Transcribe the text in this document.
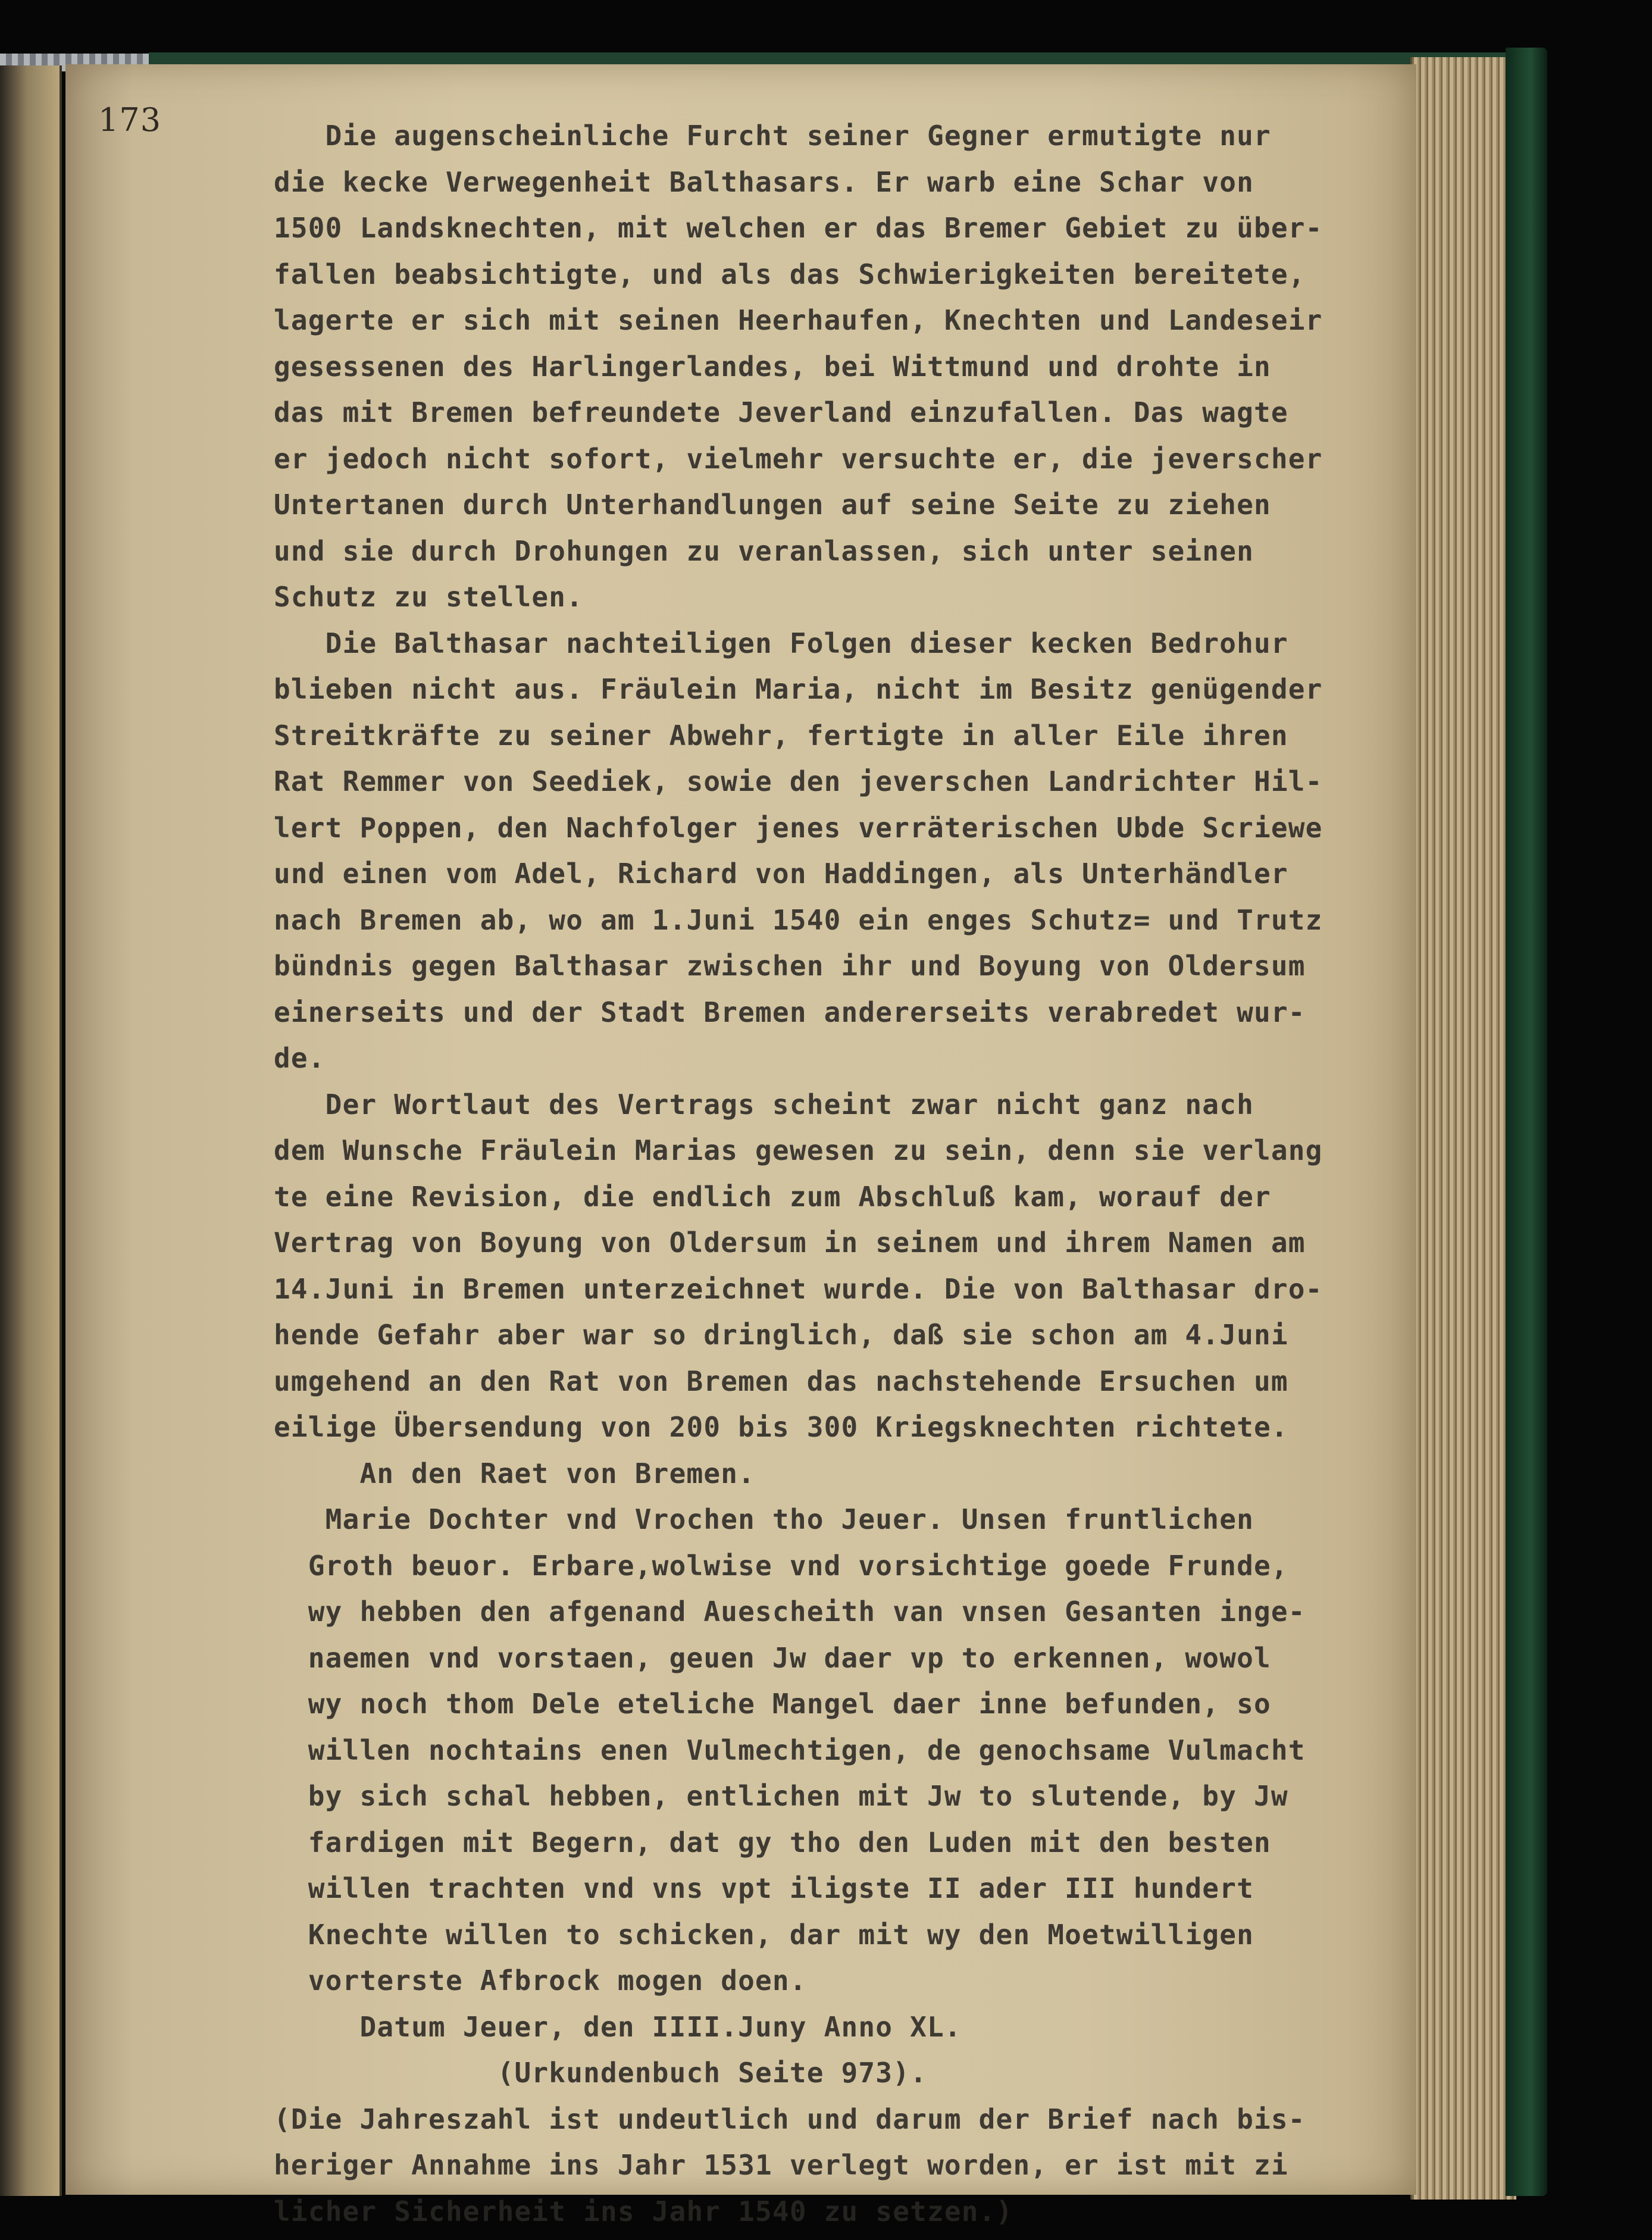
173	Die augenscheinliche Furcht seiner Gegner ermutigte nur
die kecke Verwegenheit Balthasars. Er warb eine Schar von
1500 Landsknechten, mit welchen er das Bremer Gebiet zu über-
fallen beabsichtigte, und als das Schwierigkeiten bereitete,
lagerte er sich mit seinen Heerhaufen, Knechten und Landeseir
gesessenen des Harlingerlandes, bei Wittmund und drohte in
das mit Bremen befreundete Jeverland einzufallen. Das wagte
er jedoch nicht sofort, vielmehr versuchte er, die jeverscher
Untertanen durch Unterhandlungen auf seine Seite zu ziehen
und sie durch Drohungen zu veranlassen, sich unter seinen
Schutz zu stellen.
Die Balthasar nachteiligen Folgen dieser kecken Bedrohur
blieben nicht aus. Fräulein Maria, nicht im Besitz genügender
Streitkräfte zu seiner Abwehr, fertigte in aller Eile ihren
Rat Remmer von Seediek, sowie den jeverschen Landrichter Hil-
lert Poppen, den Nachfolger jenes verräterischen Ubde Scriewe
und einen vom Adel, Richard von Haddingen, als Unterhändler
nach Bremen ab, wo am 1.Juni 1540 ein enges Schutz= und Trutz
bündnis gegen Balthasar zwischen ihr und Boyung von Oldersum
einerseits und der Stadt Bremen andererseits verabredet wur-
de.
Der Wortlaut des Vertrags scheint zwar nicht ganz nach
dem Wunsche Fräulein Marias gewesen zu sein, denn sie verlang
te eine Revision, die endlich zum Abschluß kam, worauf der
Vertrag von Boyung von Oldersum in seinem und ihrem Namen am
14.Juni in Bremen unterzeichnet wurde. Die von Balthasar dro-
hende Gefahr aber war so dringlich, daß sie schon am 4.Juni
umgehend an den Rat von Bremen das nachstehende Ersuchen um
eilige Übersendung von 200 bis 300 Kriegsknechten richtete.
An den Raet von Bremen.
Marie Dochter vnd Vrochen tho Jeuer. Unsen fruntlichen
Groth beuor. Erbare,wolwise vnd vorsichtige goede Frunde,
wy hebben den afgenand Auescheith van vnsen Gesanten inge-
naemen vnd vorstaen, geuen Jw daer vp to erkennen, wowol
wy noch thom Dele eteliche Mangel daer inne befunden, so
willen nochtains enen Vulmechtigen, de genochsame Vulmacht
by sich schal hebben, entlichen mit Jw to slutende, by Jw
fardigen mit Begern, dat gy tho den Luden mit den besten
willen trachten vnd vns vpt iligste II ader III hundert
Knechte willen to schicken, dar mit wy den Moetwilligen
vorterste Afbrock mogen doen.
Datum Jeuer, den IIII.Juny Anno XL.
(Urkundenbuch Seite 973).
(Die Jahreszahl ist undeutlich und darum der Brief nach bis-
heriger Annahme ins Jahr 1531 verlegt worden, er ist mit zi
licher Sicherheit ins Jahr 1540 zu setzen.)
